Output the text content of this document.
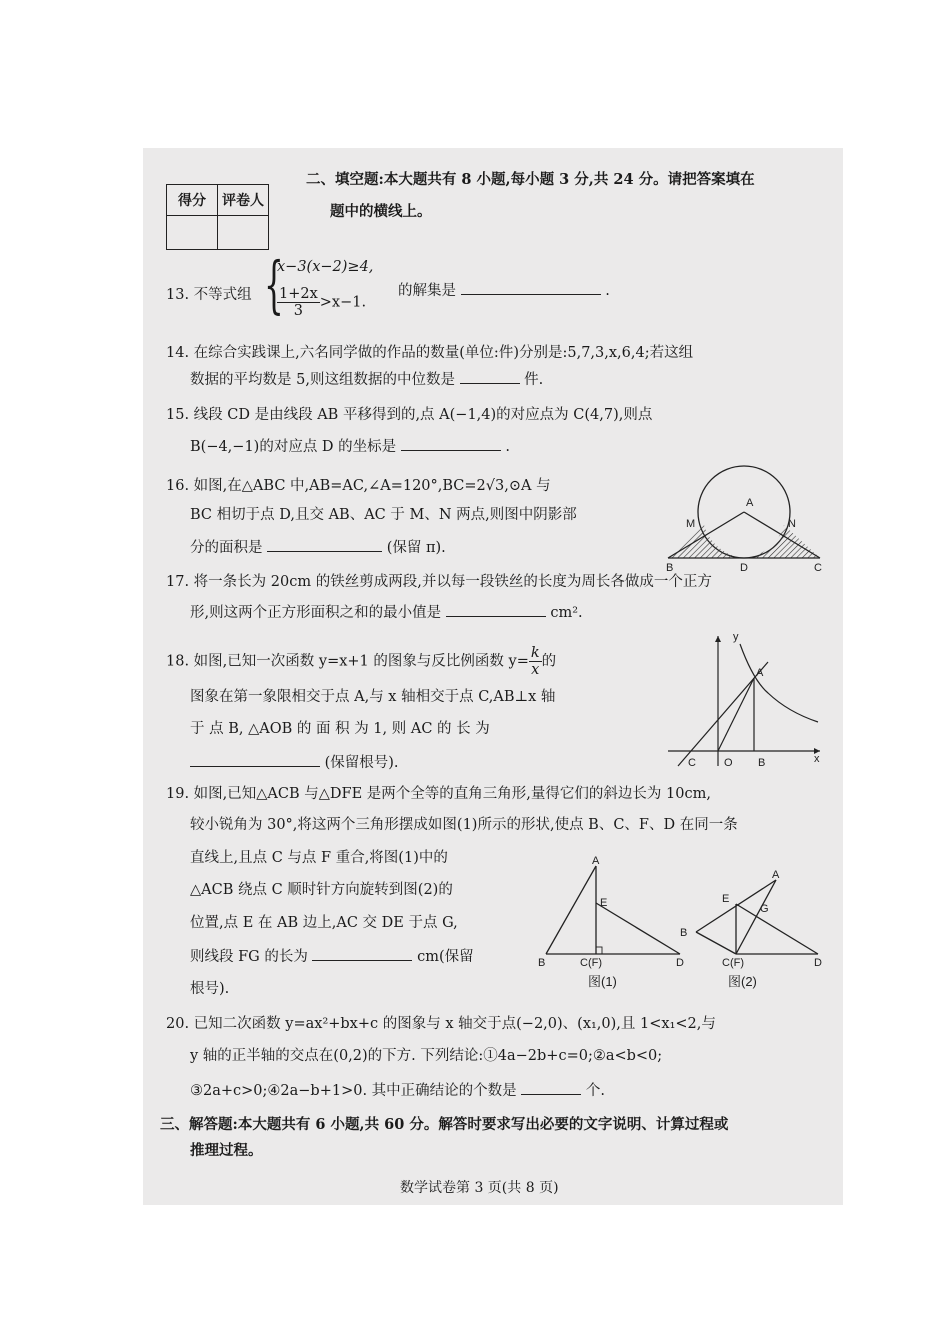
得分	评卷人

二、填空题:本大题共有 8 小题,每小题 3 分,共 24 分。请把答案填在
题中的横线上。
13. 不等式组 {
x−3(x−2)≥4,
$\frac{1+2x}{3} >x-1$.
的解集是	.
14. 在综合实践课上,六名同学做的作品的数量(单位:件)分别是:5,7,3,x,6,4;若这组
数据的平均数是 5,则这组数据的中位数是	件.
15. 线段 CD 是由线段 AB 平移得到的,点 A(−1,4)的对应点为 C(4,7),则点
B(−4,−1)的对应点 D 的坐标是	.
16. 如图,在△ABC 中,AB=AC,∠A=120°,BC=2√3,⊙A 与
BC 相切于点 D,且交 AB、AC 于 M、N 两点,则图中阴影部
分的面积是	(保留 π).
A
M	N
B	D	C
17. 将一条长为 20cm 的铁丝剪成两段,并以每一段铁丝的长度为周长各做成一个正方
形,则这两个正方形面积之和的最小值是	cm².
18. 如图,已知一次函数 y=x+1 的图象与反比例函数 $y= \frac{k}{x}$ 的
图象在第一象限相交于点 A,与 x 轴相交于点 C,AB⊥x 轴
于 点 B, △AOB 的 面 积 为 1, 则 AC 的 长 为
(保留根号).
y
x
A
C	O B
19. 如图,已知△ACB 与△DFE 是两个全等的直角三角形,量得它们的斜边长为 10cm,
较小锐角为 30°,将这两个三角形摆成如图(1)所示的形状,使点 B、C、F、D 在同一条
直线上,且点 C 与点 F 重合,将图(1)中的
△ACB 绕点 C 顺时针方向旋转到图(2)的
位置,点 E 在 AB 边上,AC 交 DE 于点 G,
则线段 FG 的长为	cm(保留
根号).
A
E
B	C(F)	D
图(1)
A
E
G
B
C(F)	D
图(2)
20. 已知二次函数 y=ax²+bx+c 的图象与 x 轴交于点(−2,0)、(x₁,0),且 1<x₁<2,与
y 轴的正半轴的交点在(0,2)的下方. 下列结论:①4a−2b+c=0;②a<b<0;
③2a+c>0;④2a−b+1>0. 其中正确结论的个数是	个.
三、解答题:本大题共有 6 小题,共 60 分。解答时要求写出必要的文字说明、计算过程或
推理过程。
数学试卷第 3 页(共 8 页)
